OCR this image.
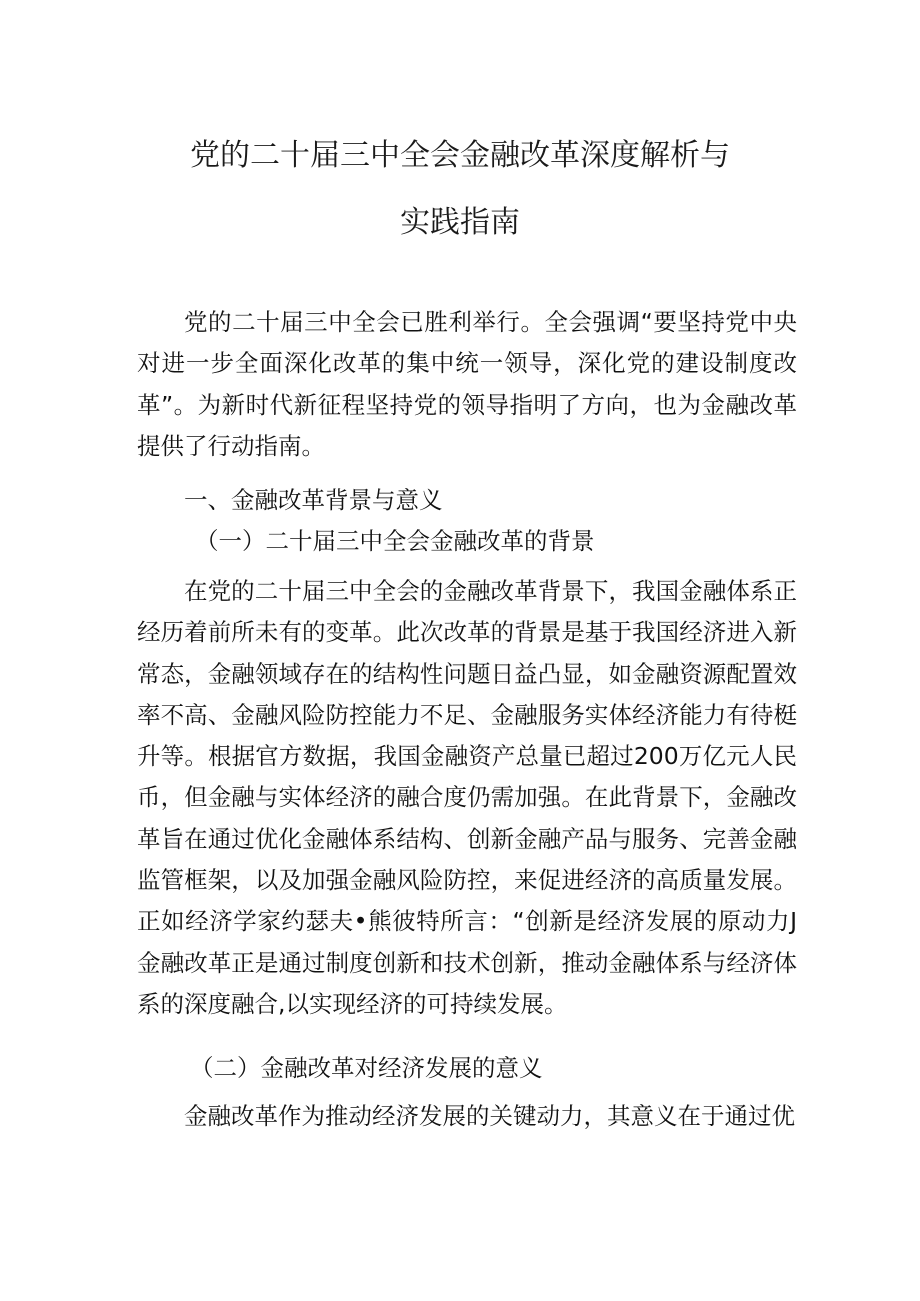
党的二十届三中全会金融改革深度解析与
实践指南
党的二十届三中全会已胜利举行。全会强调“要坚持党中央对进一步全面深化改革的集中统一领导，深化党的建设制度改革”。为新时代新征程坚持党的领导指明了方向，也为金融改革提供了行动指南。
一、金融改革背景与意义
（一）二十届三中全会金融改革的背景
在党的二十届三中全会的金融改革背景下，我国金融体系正经历着前所未有的变革。此次改革的背景是基于我国经济进入新常态，金融领域存在的结构性问题日益凸显，如金融资源配置效率不高、金融风险防控能力不足、金融服务实体经济能力有待梃升等。根据官方数据，我国金融资产总量已超过200万亿元人民币，但金融与实体经济的融合度仍需加强。在此背景下，金融改革旨在通过优化金融体系结构、创新金融产品与服务、完善金融监管框架，以及加强金融风险防控，来促进经济的高质量发展。正如经济学家约瑟夫•熊彼特所言：“创新是经济发展的原动力J金融改革正是通过制度创新和技术创新，推动金融体系与经济体系的深度融合,以实现经济的可持续发展。
（二）金融改革对经济发展的意义
金融改革作为推动经济发展的关键动力，其意义在于通过优
